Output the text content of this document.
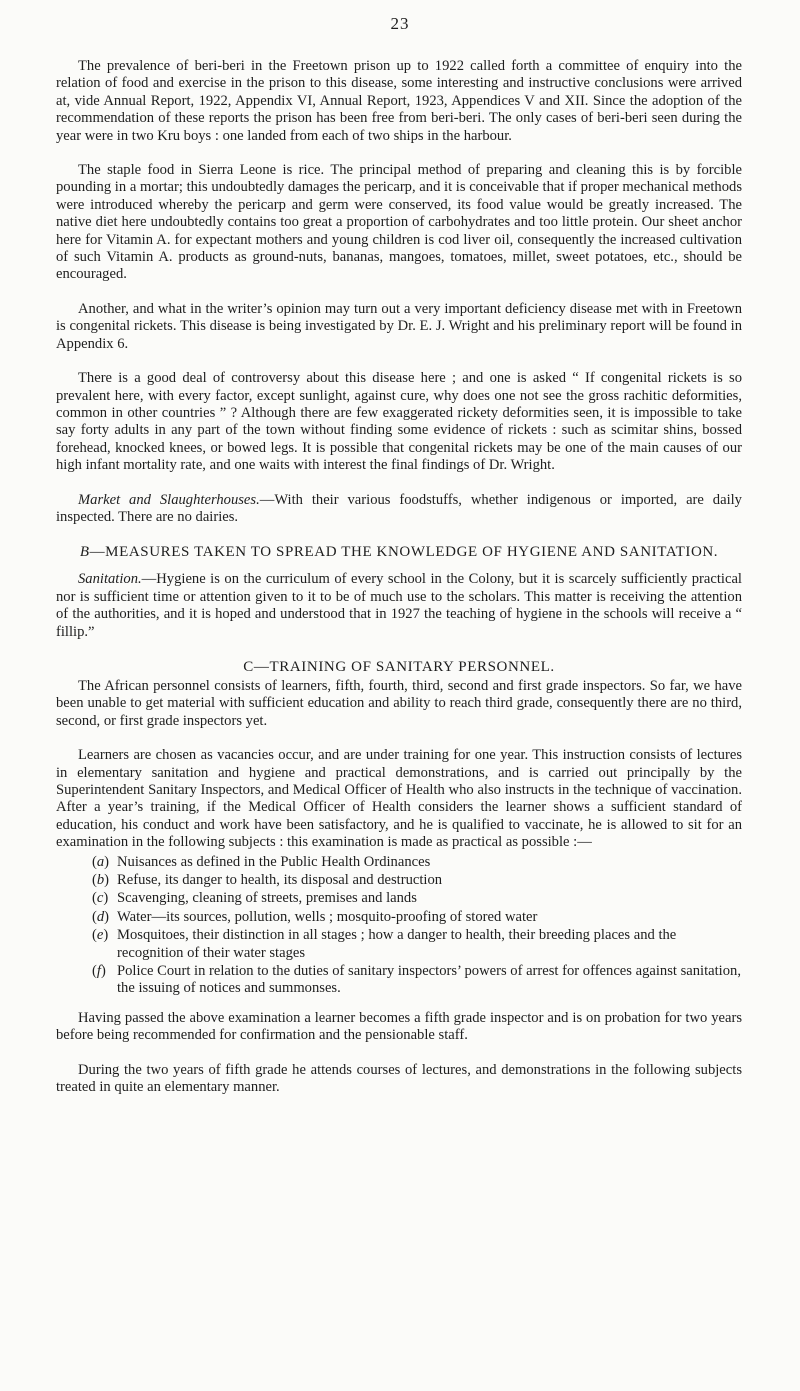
23

The prevalence of beri-beri in the Freetown prison up to 1922 called forth a committee of enquiry into the relation of food and exercise in the prison to this disease, some interesting and instructive conclusions were arrived at, vide Annual Report, 1922, Appendix VI, Annual Report, 1923, Appendices V and XII. Since the adoption of the recommendation of these reports the prison has been free from beri-beri. The only cases of beri-beri seen during the year were in two Kru boys : one landed from each of two ships in the harbour.

The staple food in Sierra Leone is rice. The principal method of preparing and cleaning this is by forcible pounding in a mortar; this undoubtedly damages the pericarp, and it is conceivable that if proper mechanical methods were introduced whereby the pericarp and germ were conserved, its food value would be greatly increased. The native diet here undoubtedly contains too great a proportion of carbohydrates and too little protein. Our sheet anchor here for Vitamin A. for expectant mothers and young children is cod liver oil, consequently the increased cultivation of such Vitamin A. products as ground-nuts, bananas, mangoes, tomatoes, millet, sweet potatoes, etc., should be encouraged.

Another, and what in the writer’s opinion may turn out a very important deficiency disease met with in Freetown is congenital rickets. This disease is being investigated by Dr. E. J. Wright and his preliminary report will be found in Appendix 6.

There is a good deal of controversy about this disease here ; and one is asked “ If congenital rickets is so prevalent here, with every factor, except sunlight, against cure, why does one not see the gross rachitic deformities, common in other countries ” ? Although there are few exaggerated rickety deformities seen, it is impossible to take say forty adults in any part of the town without finding some evidence of rickets : such as scimitar shins, bossed forehead, knocked knees, or bowed legs. It is possible that congenital rickets may be one of the main causes of our high infant mortality rate, and one waits with interest the final findings of Dr. Wright.

Market and Slaughterhouses.—With their various foodstuffs, whether indigenous or imported, are daily inspected. There are no dairies.

B—MEASURES TAKEN TO SPREAD THE KNOWLEDGE OF HYGIENE AND SANITATION.

Sanitation.—Hygiene is on the curriculum of every school in the Colony, but it is scarcely sufficiently practical nor is sufficient time or attention given to it to be of much use to the scholars. This matter is receiving the attention of the authorities, and it is hoped and understood that in 1927 the teaching of hygiene in the schools will receive a “ fillip.”

C—TRAINING OF SANITARY PERSONNEL.

The African personnel consists of learners, fifth, fourth, third, second and first grade inspectors. So far, we have been unable to get material with sufficient education and ability to reach third grade, consequently there are no third, second, or first grade inspectors yet.

Learners are chosen as vacancies occur, and are under training for one year. This instruction consists of lectures in elementary sanitation and hygiene and practical demonstrations, and is carried out principally by the Superintendent Sanitary Inspectors, and Medical Officer of Health who also instructs in the technique of vaccination. After a year’s training, if the Medical Officer of Health considers the learner shows a sufficient standard of education, his conduct and work have been satisfactory, and he is qualified to vaccinate, he is allowed to sit for an examination in the following subjects : this examination is made as practical as possible :—

(a) Nuisances as defined in the Public Health Ordinances
(b) Refuse, its danger to health, its disposal and destruction
(c) Scavenging, cleaning of streets, premises and lands
(d) Water—its sources, pollution, wells ; mosquito-proofing of stored water
(e) Mosquitoes, their distinction in all stages ; how a danger to health, their breeding places and the recognition of their water stages
(f) Police Court in relation to the duties of sanitary inspectors’ powers of arrest for offences against sanitation, the issuing of notices and summonses.

Having passed the above examination a learner becomes a fifth grade inspector and is on probation for two years before being recommended for confirmation and the pensionable staff.

During the two years of fifth grade he attends courses of lectures, and demonstrations in the following subjects treated in quite an elementary manner.
